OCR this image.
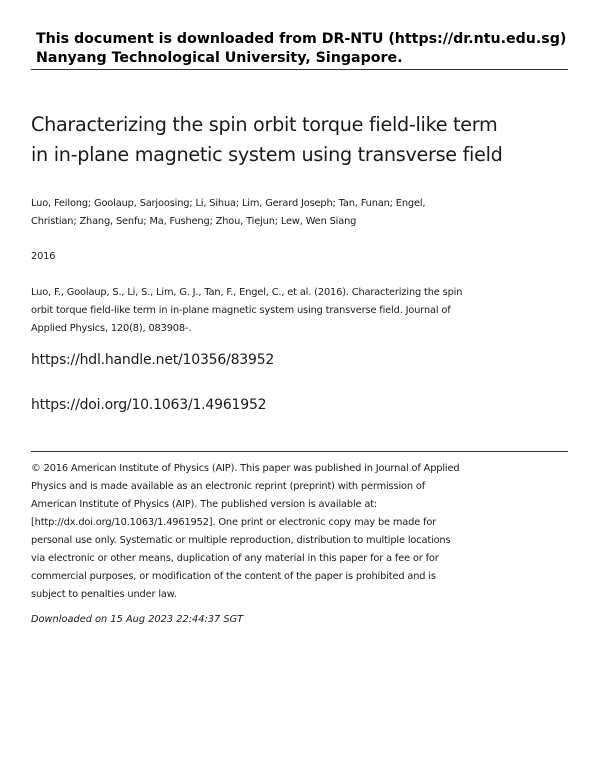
This document is downloaded from DR-NTU (https://dr.ntu.edu.sg)
Nanyang Technological University, Singapore.
Characterizing the spin orbit torque field-like term
in in-plane magnetic system using transverse field
Luo, Feilong; Goolaup, Sarjoosing; Li, Sihua; Lim, Gerard Joseph; Tan, Funan; Engel,
Christian; Zhang, Senfu; Ma, Fusheng; Zhou, Tiejun; Lew, Wen Siang
2016
Luo, F., Goolaup, S., Li, S., Lim, G. J., Tan, F., Engel, C., et al. (2016). Characterizing the spin
orbit torque field-like term in in-plane magnetic system using transverse field. Journal of
Applied Physics, 120(8), 083908-.
https://hdl.handle.net/10356/83952
https://doi.org/10.1063/1.4961952
© 2016 American Institute of Physics (AIP). This paper was published in Journal of Applied
Physics and is made available as an electronic reprint (preprint) with permission of
American Institute of Physics (AIP). The published version is available at:
[http://dx.doi.org/10.1063/1.4961952]. One print or electronic copy may be made for
personal use only. Systematic or multiple reproduction, distribution to multiple locations
via electronic or other means, duplication of any material in this paper for a fee or for
commercial purposes, or modification of the content of the paper is prohibited and is
subject to penalties under law.
Downloaded on 15 Aug 2023 22:44:37 SGT
